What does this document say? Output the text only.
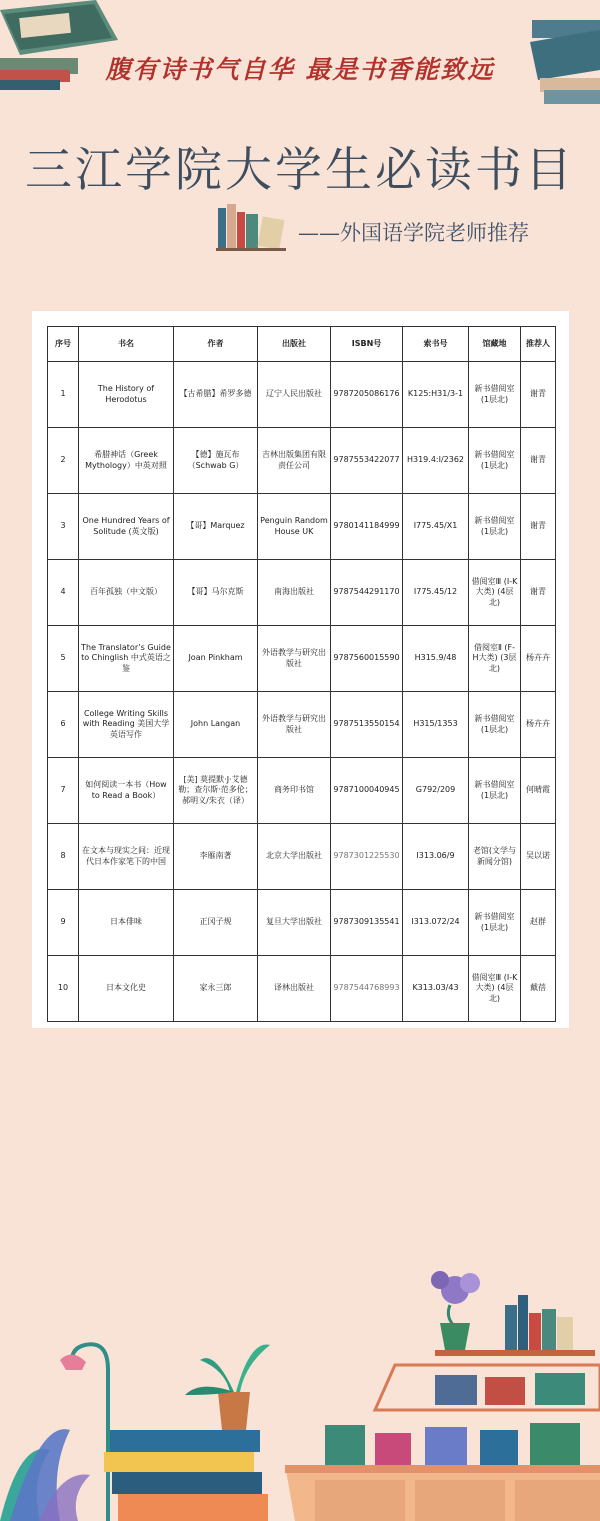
腹有诗书气自华 最是书香能致远
三江学院大学生必读书目
——外国语学院老师推荐
序号	书名	作者	出版社	ISBN号	索书号	馆藏地	推荐人
1	The History of Herodotus	【古希腊】希罗多德	辽宁人民出版社	9787205086176	K125:H31/3-1	新书借阅室 (1层北)	谢青
2	希腊神话（Greek Mythology）中英对照	【德】施瓦布（Schwab G）	吉林出版集团有限责任公司	9787553422077	H319.4:I/2362	新书借阅室 (1层北)	谢青
3	One Hundred Years of Solitude (英文版)	【哥】Marquez	Penguin Random House UK	9780141184999	I775.45/X1	新书借阅室 (1层北)	谢青
4	百年孤独（中文版）	【哥】马尔克斯	南海出版社	9787544291170	I775.45/12	借阅室Ⅲ (I-K大类) (4层北)	谢青
5	The Translator’s Guide to Chinglish 中式英语之鉴	Joan Pinkham	外语教学与研究出版社	9787560015590	H315.9/48	借阅室Ⅱ (F-H大类) (3层北)	杨卉卉
6	College Writing Skills with Reading 美国大学英语写作	John Langan	外语教学与研究出版社	9787513550154	H315/1353	新书借阅室 (1层北)	杨卉卉
7	如何阅读一本书（How to Read a Book）	[美] 莫提默·J·艾德勒；查尔斯·范多伦；郝明义/朱衣（译）	商务印书馆	9787100040945	G792/209	新书借阅室 (1层北)	何晴霞
8	在文本与现实之间：近现代日本作家笔下的中国	李雁南著	北京大学出版社	9787301225530	I313.06/9	老馆(文学与新闻分馆)	吴以诺
9	日本俳味	正冈子规	复旦大学出版社	9787309135541	I313.072/24	新书借阅室 (1层北)	赵群
10	日本文化史	家永三郎	译林出版社	9787544768993	K313.03/43	借阅室Ⅲ (I-K大类) (4层北)	戴蓓
